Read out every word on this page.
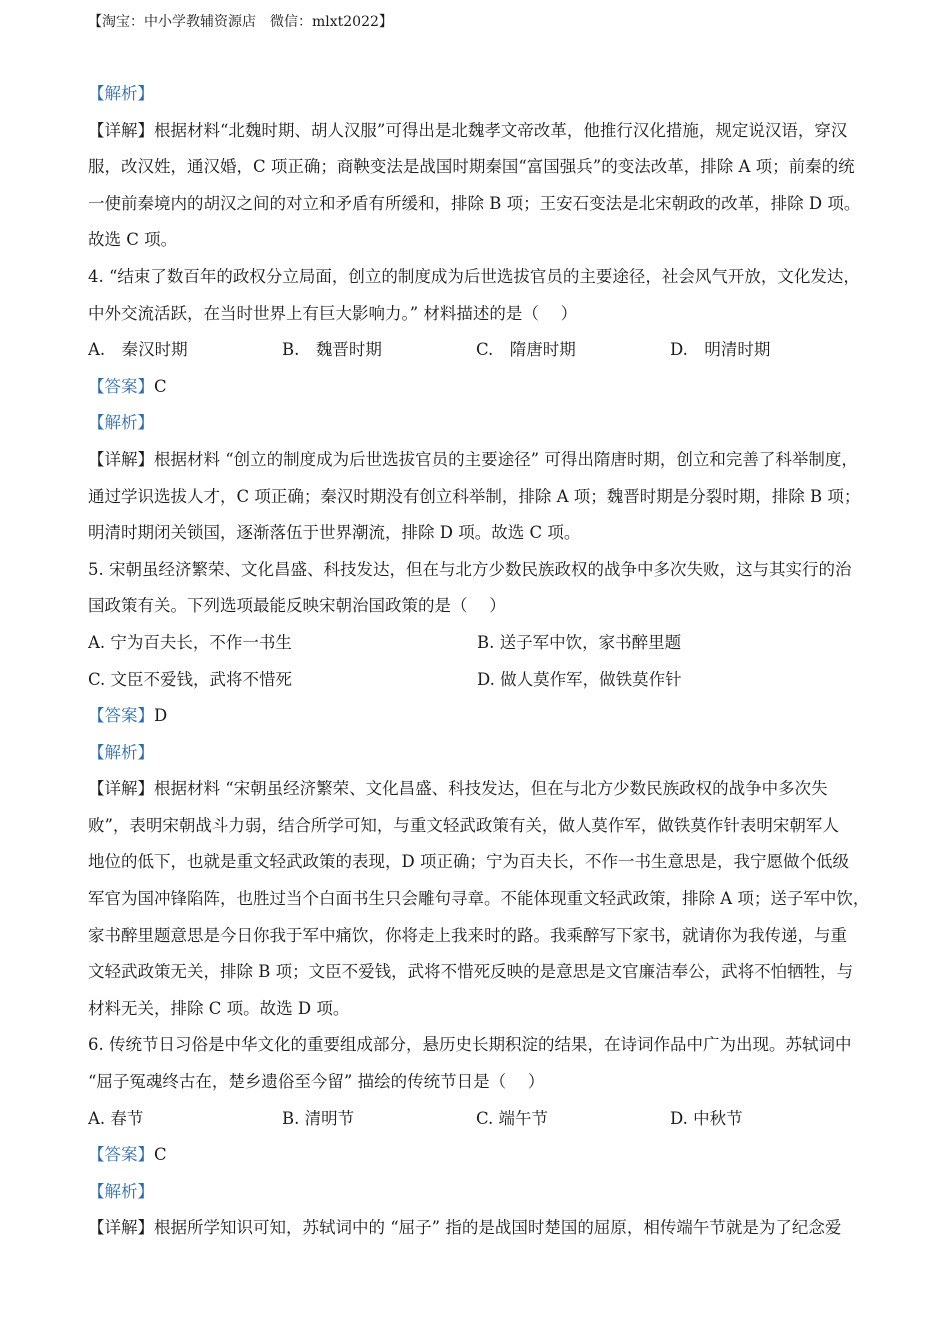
【淘宝：中小学教辅资源店　微信：mlxt2022】
【解析】
【详解】根据材料“北魏时期、胡人汉服”可得出是北魏孝文帝改革，他推行汉化措施，规定说汉语，穿汉
服，改汉姓，通汉婚，C 项正确；商鞅变法是战国时期秦国“富国强兵”的变法改革，排除 A 项；前秦的统
一使前秦境内的胡汉之间的对立和矛盾有所缓和，排除 B 项；王安石变法是北宋朝政的改革，排除 D 项。
故选 C 项。
4. “结束了数百年的政权分立局面，创立的制度成为后世选拔官员的主要途径，社会风气开放，文化发达，
中外交流活跃，在当时世界上有巨大影响力。” 材料描述的是（　 ）
A.　秦汉时期	B.　魏晋时期	C.　隋唐时期	D.　明清时期
【答案】C
【解析】
【详解】根据材料 “创立的制度成为后世选拔官员的主要途径” 可得出隋唐时期，创立和完善了科举制度，
通过学识选拔人才，C 项正确；秦汉时期没有创立科举制，排除 A 项；魏晋时期是分裂时期，排除 B 项；
明清时期闭关锁国，逐渐落伍于世界潮流，排除 D 项。故选 C 项。
5. 宋朝虽经济繁荣、文化昌盛、科技发达，但在与北方少数民族政权的战争中多次失败，这与其实行的治
国政策有关。下列选项最能反映宋朝治国政策的是（　 ）
A. 宁为百夫长，不作一书生	B. 送子军中饮，家书醉里题
C. 文臣不爱钱，武将不惜死	D. 做人莫作军，做铁莫作针
【答案】D
【解析】
【详解】根据材料 “宋朝虽经济繁荣、文化昌盛、科技发达，但在与北方少数民族政权的战争中多次失
败”，表明宋朝战斗力弱，结合所学可知，与重文轻武政策有关，做人莫作军，做铁莫作针表明宋朝军人
地位的低下，也就是重文轻武政策的表现，D 项正确；宁为百夫长，不作一书生意思是，我宁愿做个低级
军官为国冲锋陷阵，也胜过当个白面书生只会雕句寻章。不能体现重文轻武政策，排除 A 项；送子军中饮，
家书醉里题意思是今日你我于军中痛饮，你将走上我来时的路。我乘醉写下家书，就请你为我传递，与重
文轻武政策无关，排除 B 项；文臣不爱钱，武将不惜死反映的是意思是文官廉洁奉公，武将不怕牺牲，与
材料无关，排除 C 项。故选 D 项。
6. 传统节日习俗是中华文化的重要组成部分，悬历史长期积淀的结果，在诗词作品中广为出现。苏轼词中
“屈子冤魂终古在，楚乡遗俗至今留” 描绘的传统节日是（　 ）
A. 春节	B. 清明节	C. 端午节	D. 中秋节
【答案】C
【解析】
【详解】根据所学知识可知，苏轼词中的 “屈子” 指的是战国时楚国的屈原，相传端午节就是为了纪念爱
